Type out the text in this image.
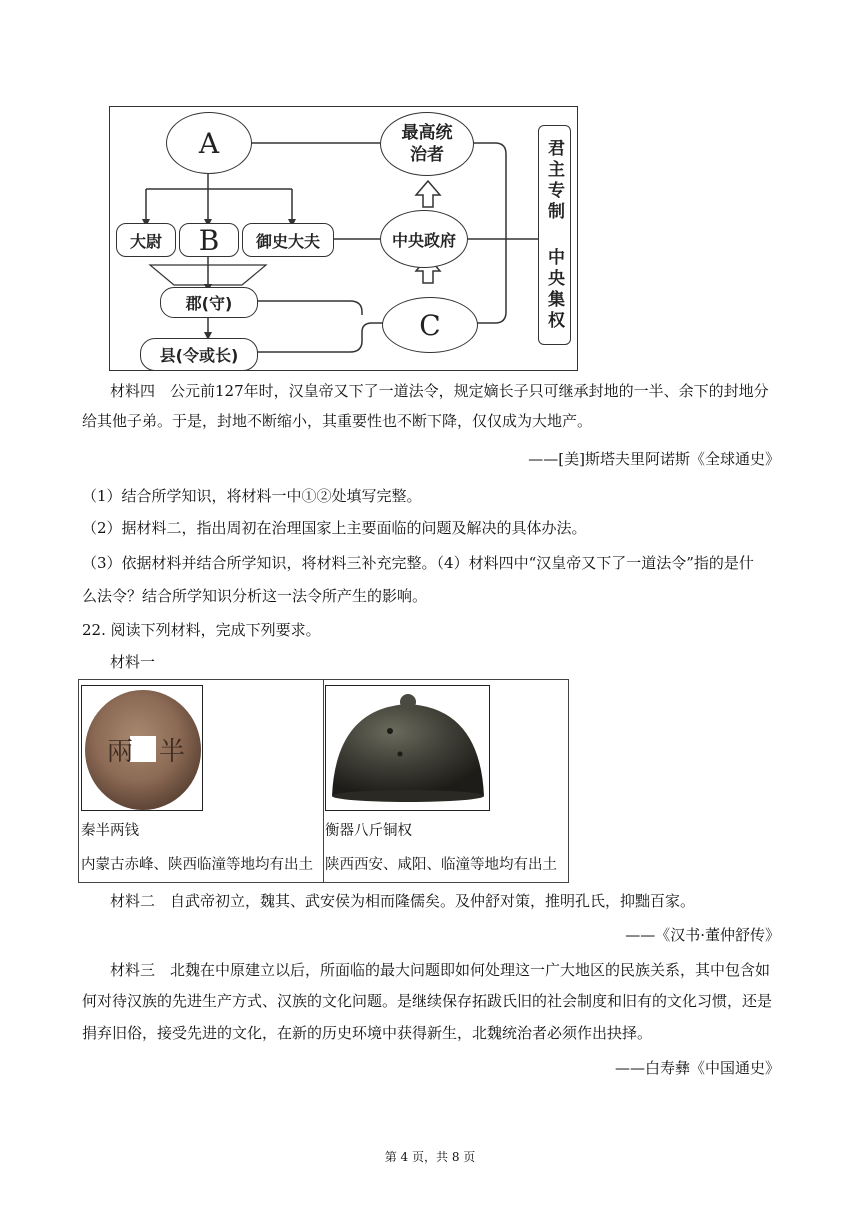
A	最高统
治者
大尉	B	御史大夫	中央政府
郡(守)
C
县(令或长)
君主专制
中央集权
材料四　公元前127年时，汉皇帝又下了一道法令，规定嫡长子只可继承封地的一半、余下的封地分
给其他子弟。于是，封地不断缩小，其重要性也不断下降，仅仅成为大地产。
——[美]斯塔夫里阿诺斯《全球通史》
（1）结合所学知识，将材料一中①②处填写完整。
（2）据材料二，指出周初在治理国家上主要面临的问题及解决的具体办法。
（3）依据材料并结合所学知识，将材料三补充完整。（4）材料四中“汉皇帝又下了一道法令”指的是什
么法令？结合所学知识分析这一法令所产生的影响。
22. 阅读下列材料，完成下列要求。
材料一
兩 半
秦半两钱
内蒙古赤峰、陕西临潼等地均有出土
衡器八斤铜权
陕西西安、咸阳、临潼等地均有出土
材料二　自武帝初立，魏其、武安侯为相而隆儒矣。及仲舒对策，推明孔氏，抑黜百家。
——《汉书·董仲舒传》
材料三　北魏在中原建立以后，所面临的最大问题即如何处理这一广大地区的民族关系，其中包含如
何对待汉族的先进生产方式、汉族的文化问题。是继续保存拓跋氏旧的社会制度和旧有的文化习惯，还是
捐弃旧俗，接受先进的文化，在新的历史环境中获得新生，北魏统治者必须作出抉择。
——白寿彝《中国通史》
第 4 页，共 8 页
